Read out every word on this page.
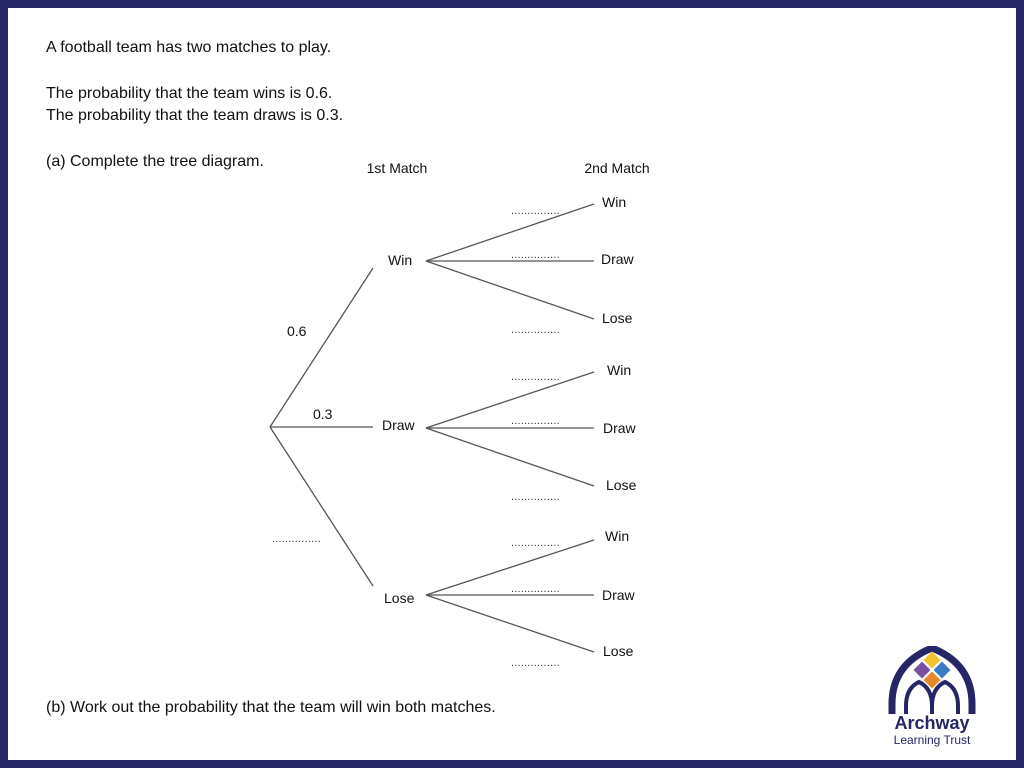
A football team has two matches to play.
The probability that the team wins is 0.6.
The probability that the team draws is 0.3.
(a) Complete the tree diagram.
(b) Work out the probability that the team will win both matches.
1st Match	2nd Match
Win
Draw
Lose
0.6
0.3
...............
Win
Draw
Lose
...............
...............
...............
Win
Draw
Lose
...............
...............
...............
Win
Draw
Lose
...............
...............
...............
Archway
Learning Trust
